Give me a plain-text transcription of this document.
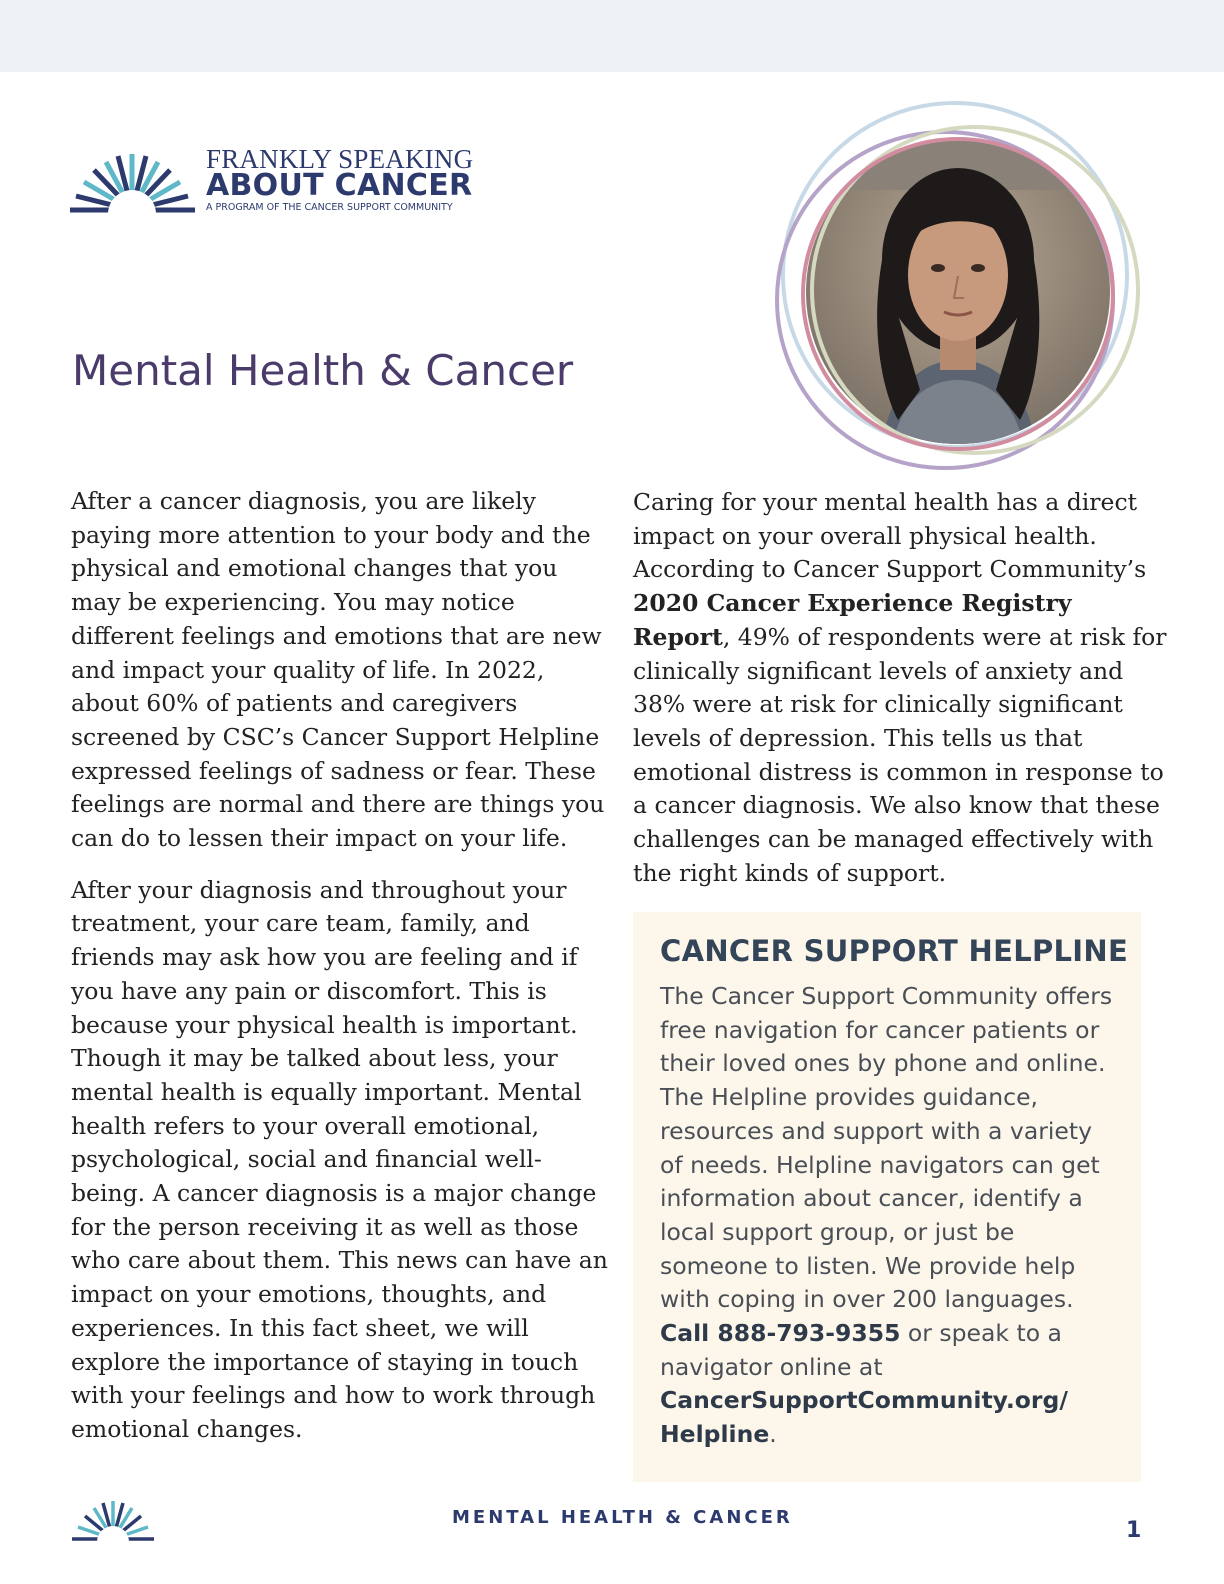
FRANKLY SPEAKING
ABOUT CANCER
A PROGRAM OF THE CANCER SUPPORT COMMUNITY
Mental Health & Cancer

After a cancer diagnosis, you are likely paying more attention to your body and the physical and emotional changes that you may be experiencing. You may notice different feelings and emotions that are new and impact your quality of life. In 2022, about 60% of patients and caregivers screened by CSC’s Cancer Support Helpline expressed feelings of sadness or fear. These feelings are normal and there are things you can do to lessen their impact on your life.

After your diagnosis and throughout your treatment, your care team, family, and friends may ask how you are feeling and if you have any pain or discomfort. This is because your physical health is important. Though it may be talked about less, your mental health is equally important. Mental health refers to your overall emotional, psychological, social and financial well-being. A cancer diagnosis is a major change for the person receiving it as well as those who care about them. This news can have an impact on your emotions, thoughts, and experiences. In this fact sheet, we will explore the importance of staying in touch with your feelings and how to work through emotional changes.

Caring for your mental health has a direct impact on your overall physical health. According to Cancer Support Community’s 2020 Cancer Experience Registry Report, 49% of respondents were at risk for clinically significant levels of anxiety and 38% were at risk for clinically significant levels of depression. This tells us that emotional distress is common in response to a cancer diagnosis. We also know that these challenges can be managed effectively with the right kinds of support.

CANCER SUPPORT HELPLINE

The Cancer Support Community offers free navigation for cancer patients or their loved ones by phone and online. The Helpline provides guidance, resources and support with a variety of needs. Helpline navigators can get information about cancer, identify a local support group, or just be someone to listen. We provide help with coping in over 200 languages. Call 888-793-9355 or speak to a navigator online at CancerSupportCommunity.org/ Helpline.

MENTAL HEALTH & CANCER
1
